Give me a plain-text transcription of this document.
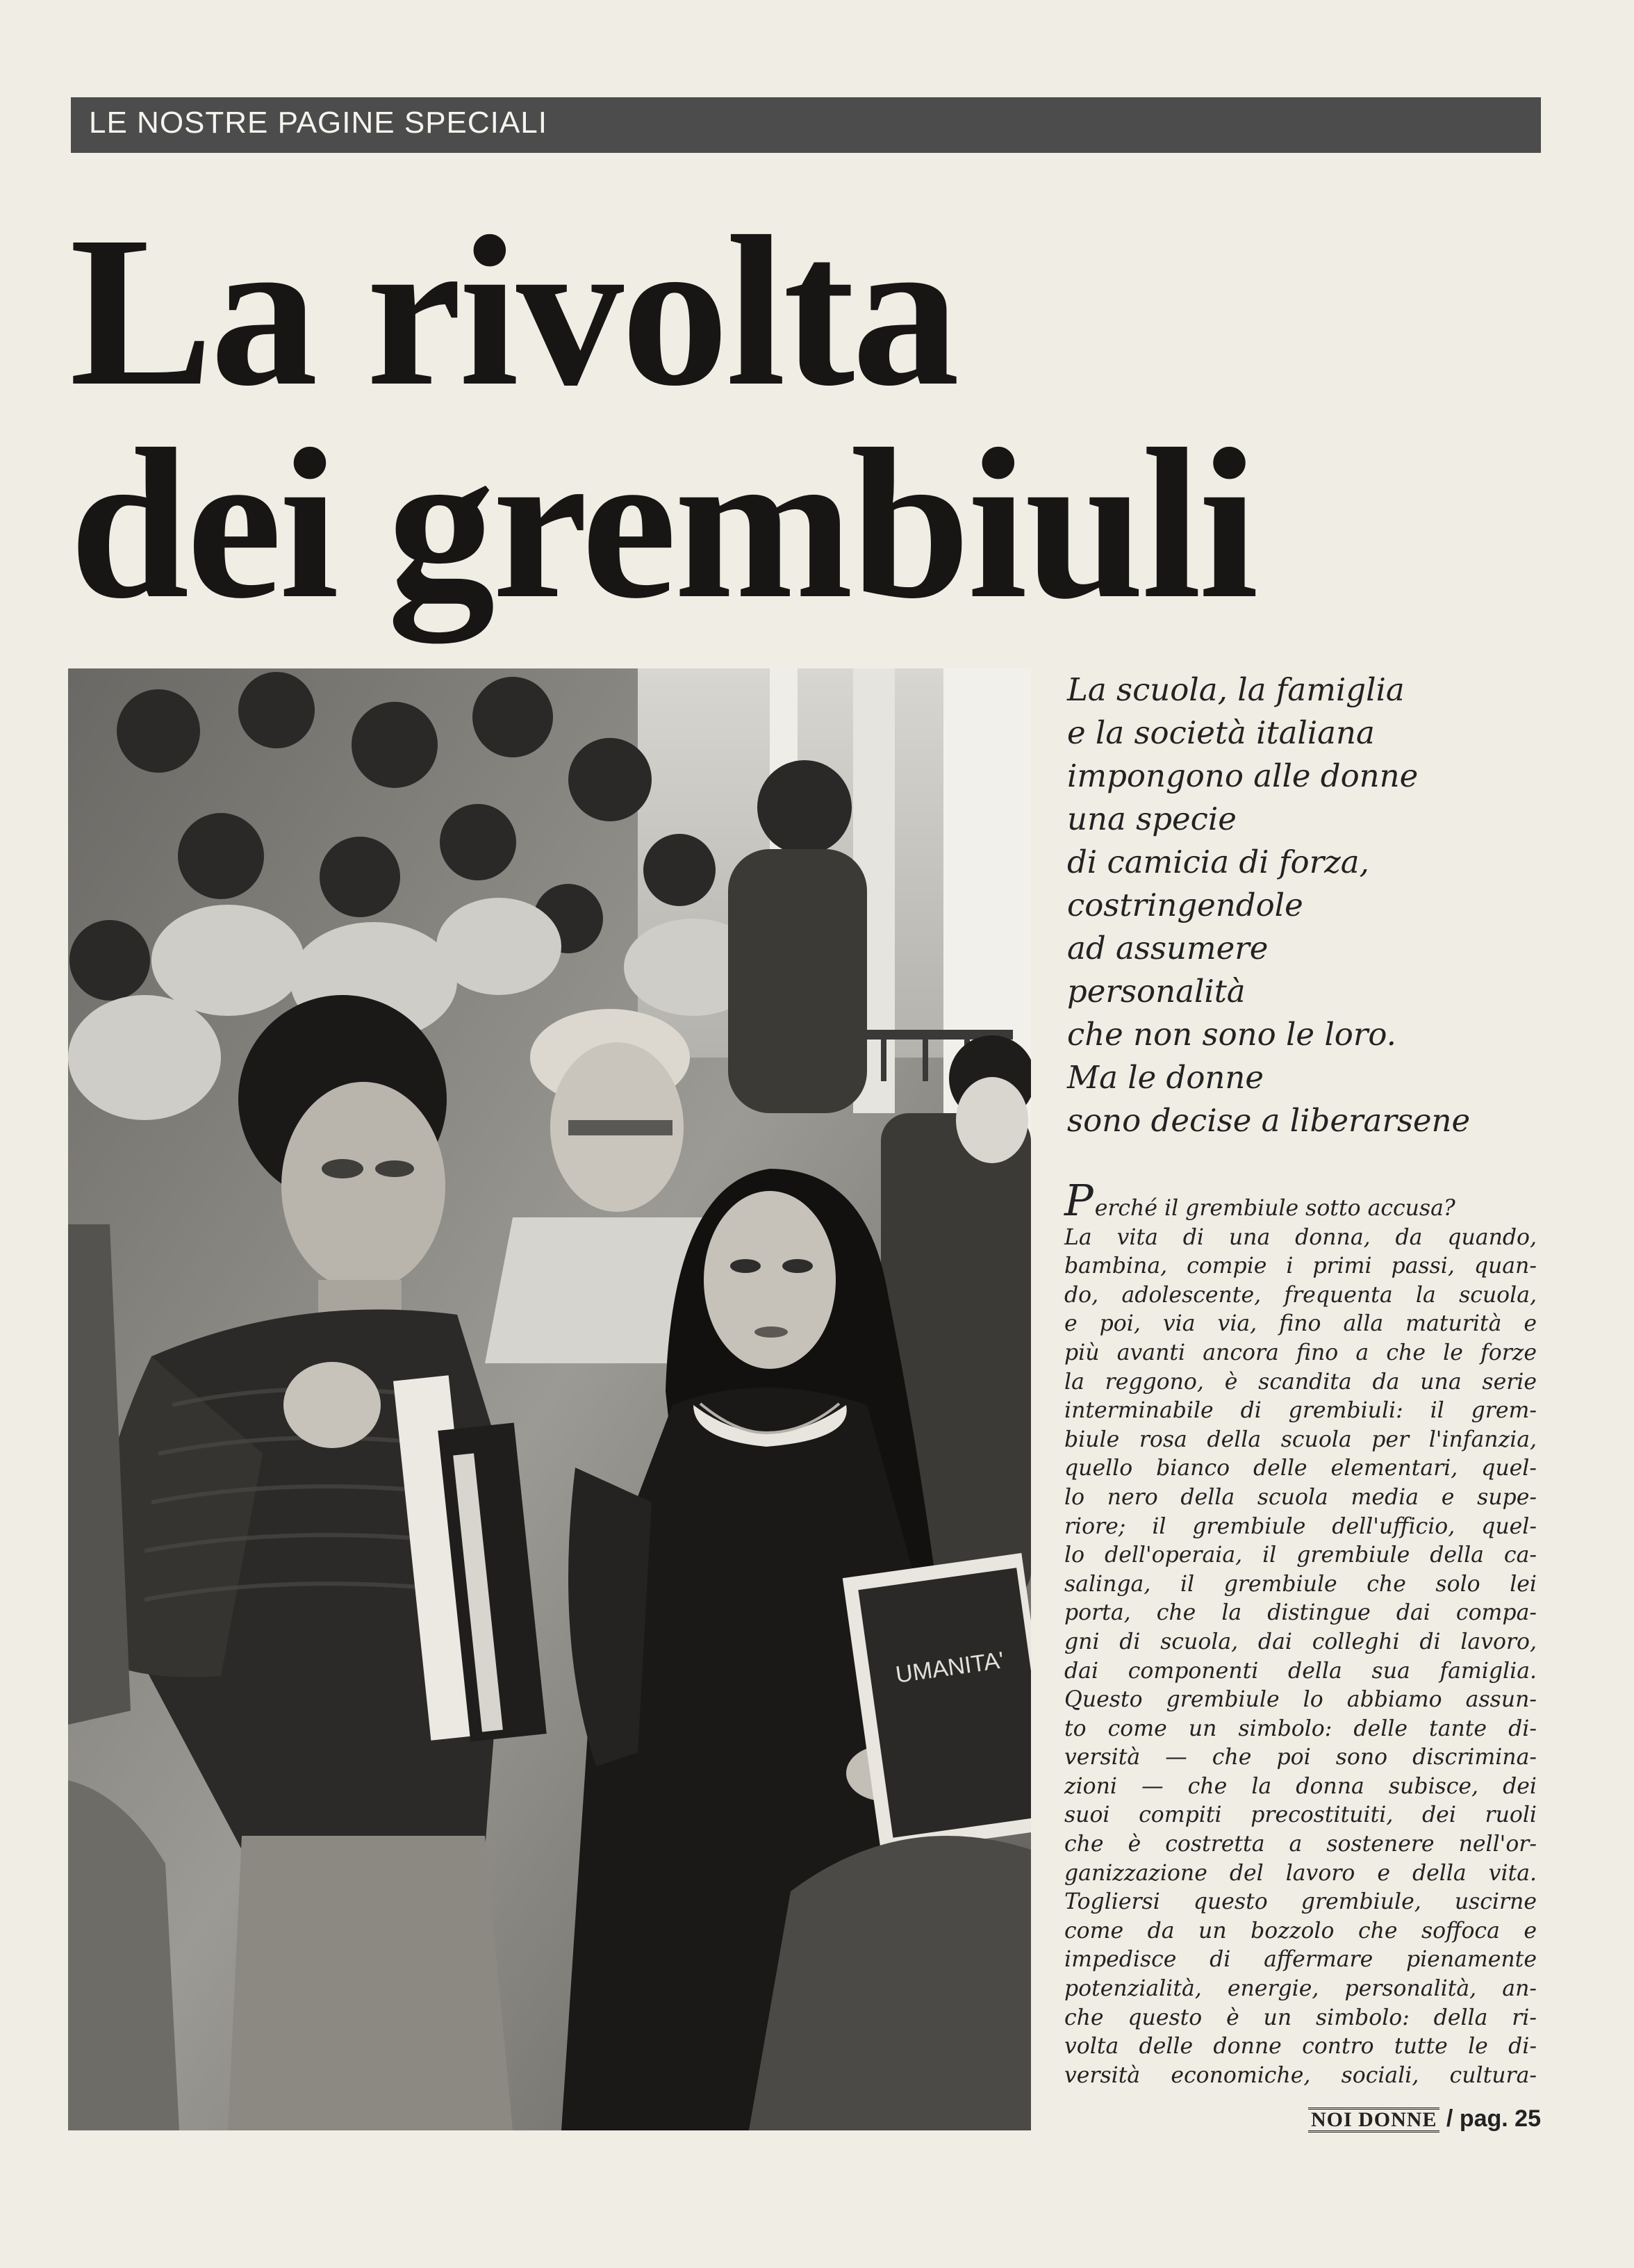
LE NOSTRE PAGINE SPECIALI
La rivolta
dei grembiuli
UMANITA'
La scuola, la famiglia
e la società italiana
impongono alle donne
una specie
di camicia di forza,
costringendole
ad assumere
personalità
che non sono le loro.
Ma le donne
sono decise a liberarsene
Perché il grembiule sotto accusa?
La vita di una donna, da quando,
bambina, compie i primi passi, quan-
do, adolescente, frequenta la scuola,
e poi, via via, fino alla maturità e
più avanti ancora fino a che le forze
la reggono, è scandita da una serie
interminabile di grembiuli: il grem-
biule rosa della scuola per l'infanzia,
quello bianco delle elementari, quel-
lo nero della scuola media e supe-
riore; il grembiule dell'ufficio, quel-
lo dell'operaia, il grembiule della ca-
salinga, il grembiule che solo lei
porta, che la distingue dai compa-
gni di scuola, dai colleghi di lavoro,
dai componenti della sua famiglia.
Questo grembiule lo abbiamo assun-
to come un simbolo: delle tante di-
versità — che poi sono discrimina-
zioni — che la donna subisce, dei
suoi compiti precostituiti, dei ruoli
che è costretta a sostenere nell'or-
ganizzazione del lavoro e della vita.
Togliersi questo grembiule, uscirne
come da un bozzolo che soffoca e
impedisce di affermare pienamente
potenzialità, energie, personalità, an-
che questo è un simbolo: della ri-
volta delle donne contro tutte le di-
versità economiche, sociali, cultura-
NOI DONNE / pag. 25
